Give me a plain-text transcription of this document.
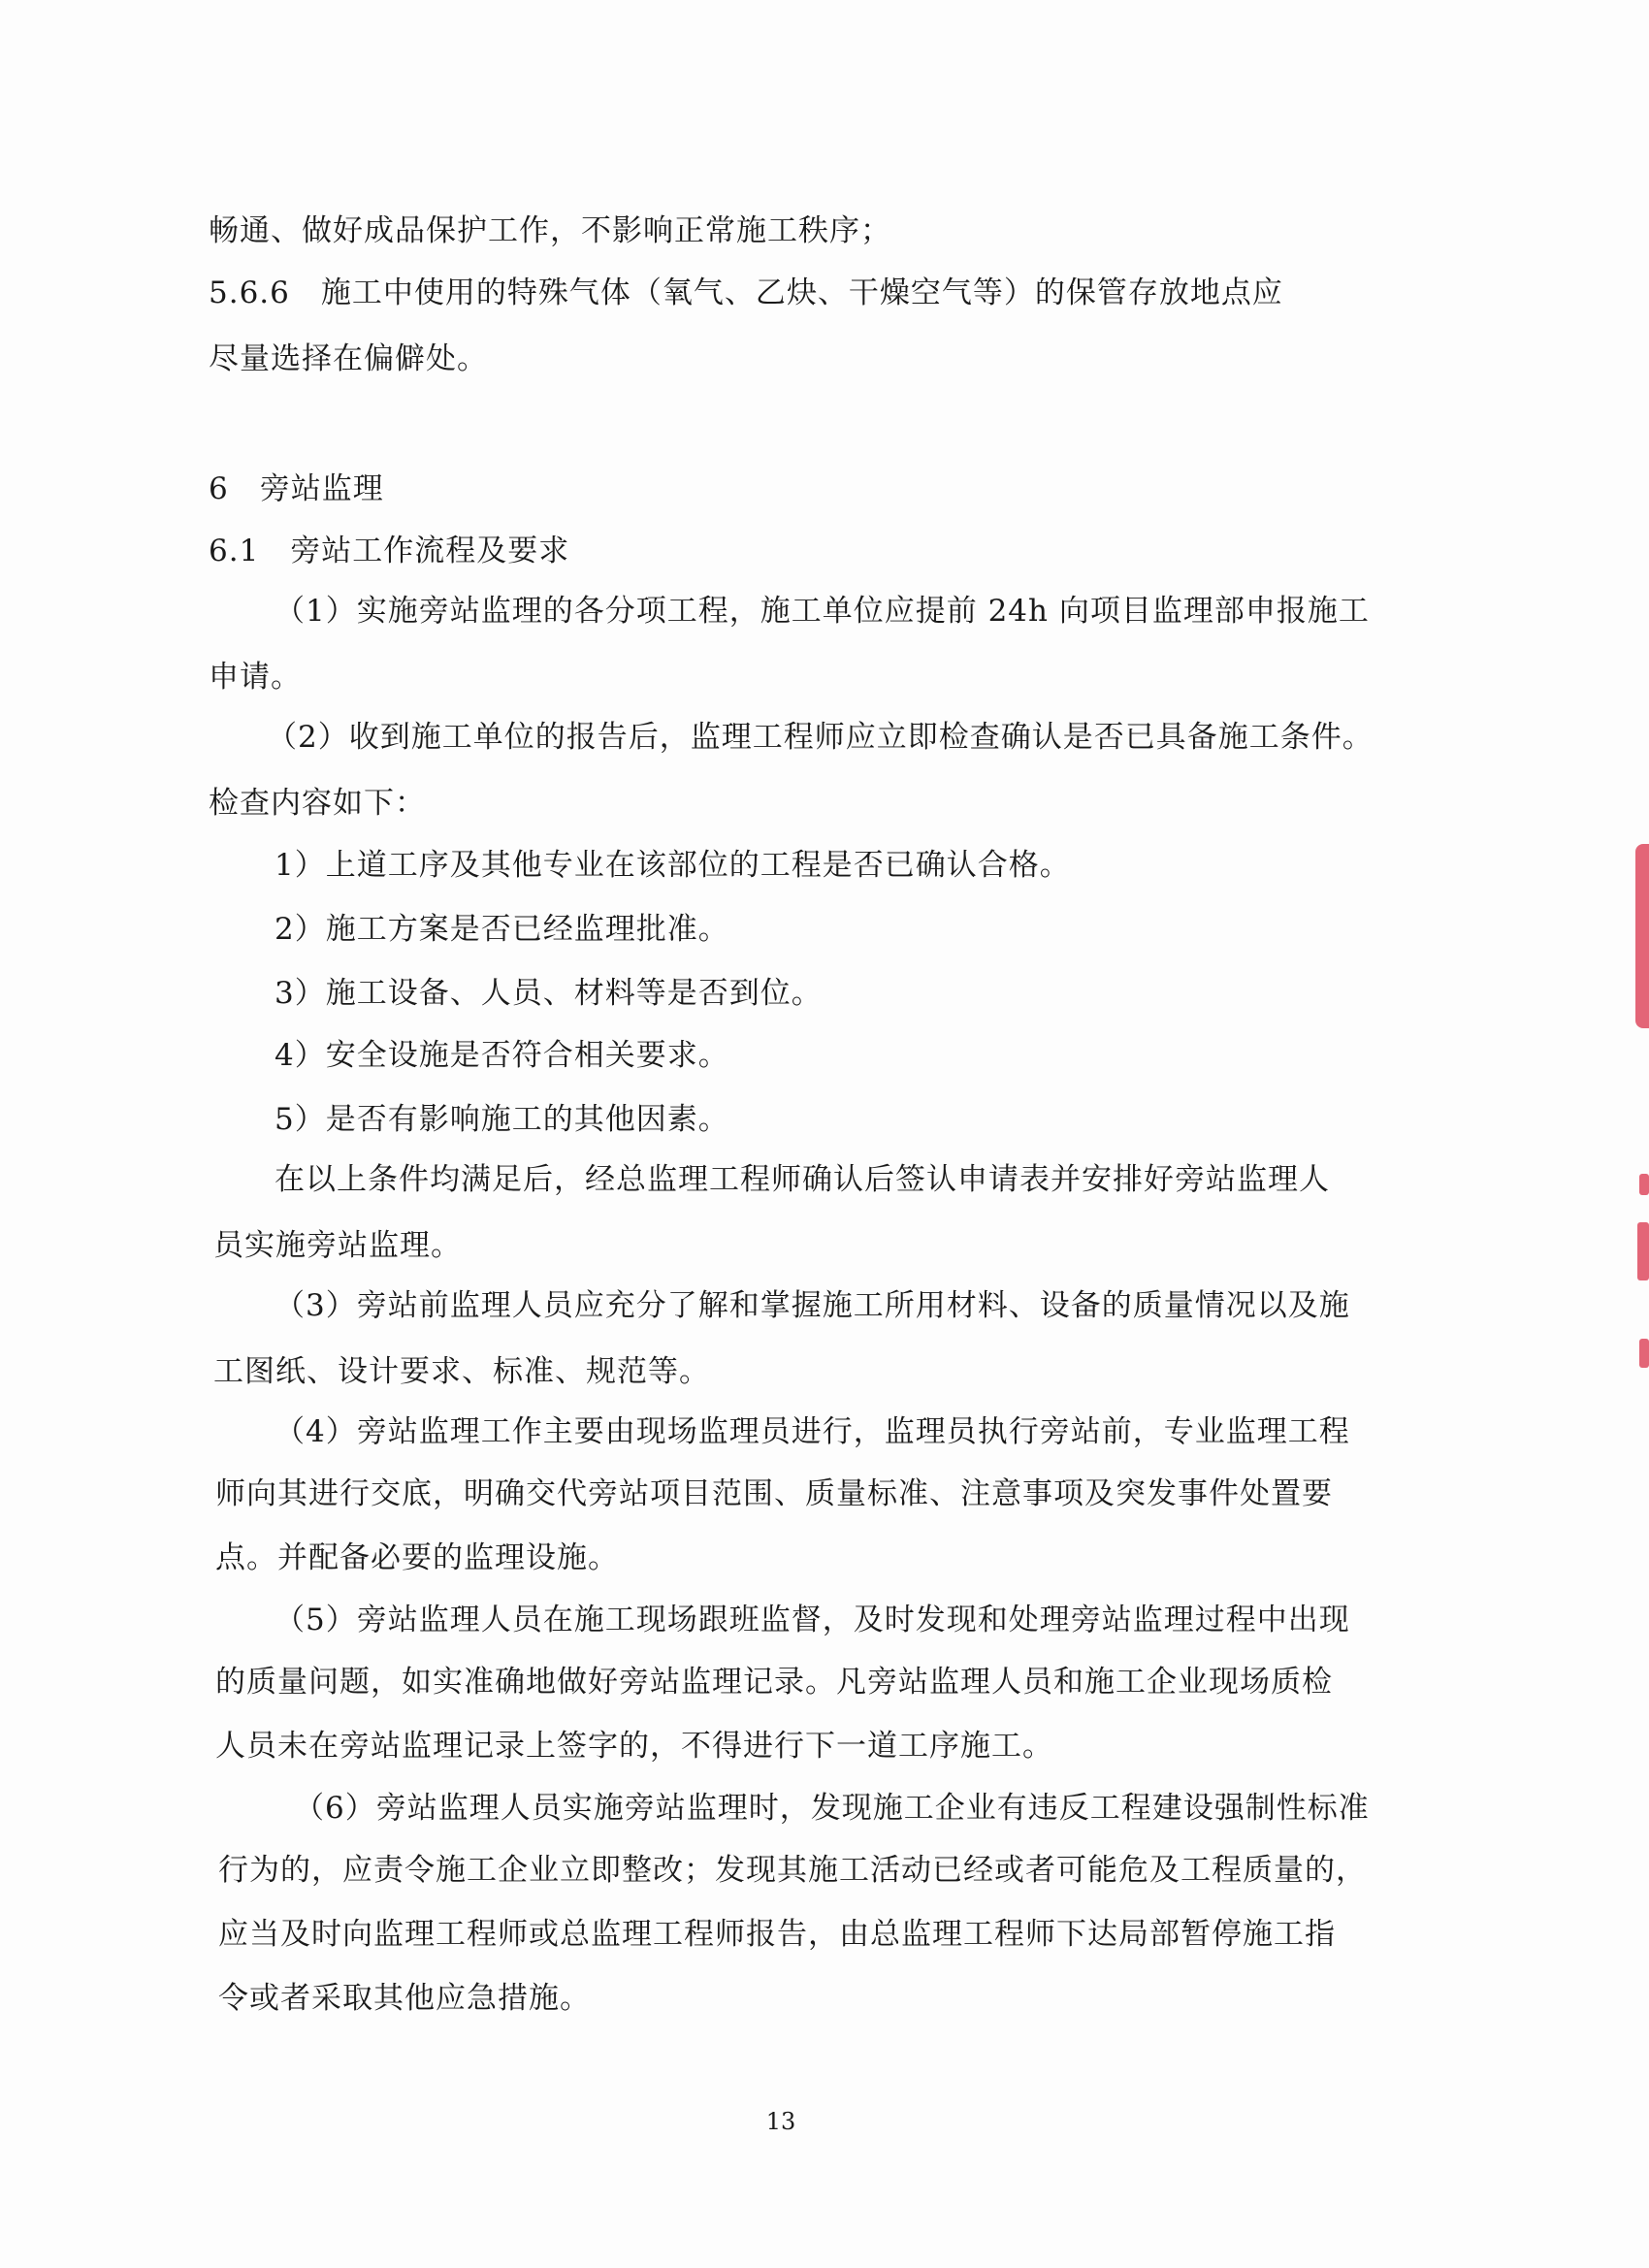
畅通、做好成品保护工作，不影响正常施工秩序；
5.6.6　施工中使用的特殊气体（氧气、乙炔、干燥空气等）的保管存放地点应
尽量选择在偏僻处。
6　旁站监理
6.1　旁站工作流程及要求
（1）实施旁站监理的各分项工程，施工单位应提前 24h 向项目监理部申报施工
申请。
（2）收到施工单位的报告后，监理工程师应立即检查确认是否已具备施工条件。
检查内容如下：
1）上道工序及其他专业在该部位的工程是否已确认合格。
2）施工方案是否已经监理批准。
3）施工设备、人员、材料等是否到位。
4）安全设施是否符合相关要求。
5）是否有影响施工的其他因素。
在以上条件均满足后，经总监理工程师确认后签认申请表并安排好旁站监理人
员实施旁站监理。
（3）旁站前监理人员应充分了解和掌握施工所用材料、设备的质量情况以及施
工图纸、设计要求、标准、规范等。
（4）旁站监理工作主要由现场监理员进行，监理员执行旁站前，专业监理工程
师向其进行交底，明确交代旁站项目范围、质量标准、注意事项及突发事件处置要
点。并配备必要的监理设施。
（5）旁站监理人员在施工现场跟班监督，及时发现和处理旁站监理过程中出现
的质量问题，如实准确地做好旁站监理记录。凡旁站监理人员和施工企业现场质检
人员未在旁站监理记录上签字的，不得进行下一道工序施工。
（6）旁站监理人员实施旁站监理时，发现施工企业有违反工程建设强制性标准
行为的，应责令施工企业立即整改；发现其施工活动已经或者可能危及工程质量的，
应当及时向监理工程师或总监理工程师报告，由总监理工程师下达局部暂停施工指
令或者采取其他应急措施。
13
